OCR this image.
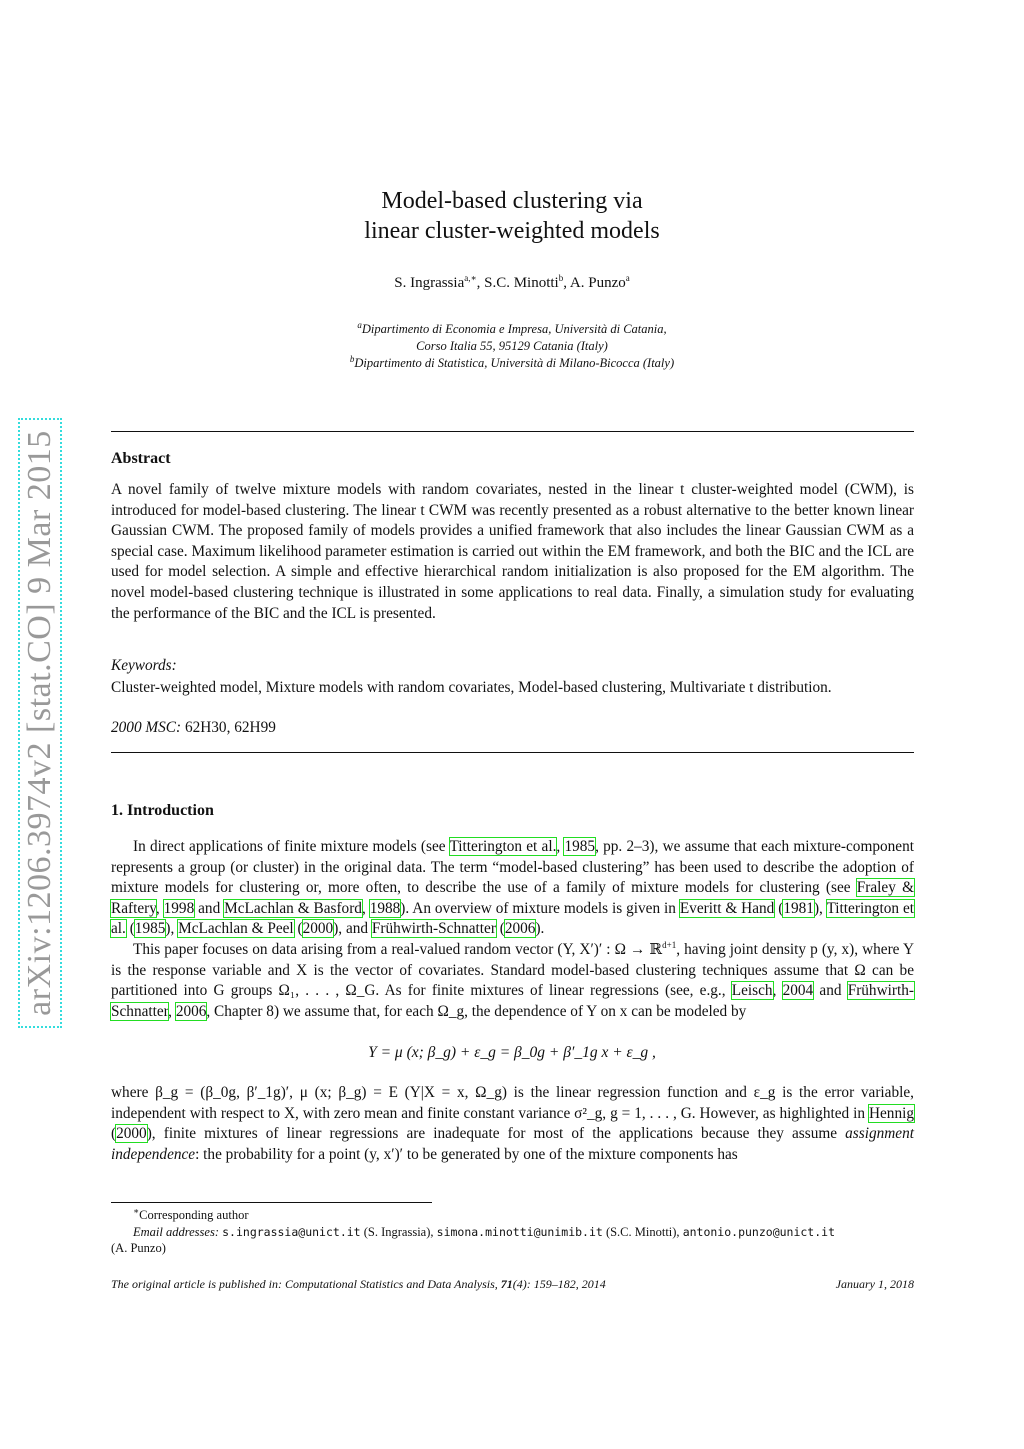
arXiv:1206.3974v2 [stat.CO] 9 Mar 2015
Model-based clustering via
linear cluster-weighted models
S. Ingrassia$^{a,∗}$, S.C. Minotti$^b$, A. Punzo$^a$
$^a$Dipartimento di Economia e Impresa, Università di Catania,
Corso Italia 55, 95129 Catania (Italy)
$^b$Dipartimento di Statistica, Università di Milano-Bicocca (Italy)
Abstract
A novel family of twelve mixture models with random covariates, nested in the linear t cluster-weighted model (CWM), is introduced for model-based clustering. The linear t CWM was recently presented as a robust alternative to the better known linear Gaussian CWM. The proposed family of models provides a unified framework that also includes the linear Gaussian CWM as a special case. Maximum likelihood parameter estimation is carried out within the EM framework, and both the BIC and the ICL are used for model selection. A simple and effective hierarchical random initialization is also proposed for the EM algorithm. The novel model-based clustering technique is illustrated in some applications to real data. Finally, a simulation study for evaluating the performance of the BIC and the ICL is presented.
Keywords:
Cluster-weighted model, Mixture models with random covariates, Model-based clustering, Multivariate t distribution.
2000 MSC: 62H30, 62H99
1. Introduction
In direct applications of finite mixture models (see Titterington et al., 1985, pp. 2–3), we assume that each mixture-component represents a group (or cluster) in the original data. The term “model-based clustering” has been used to describe the adoption of mixture models for clustering or, more often, to describe the use of a family of mixture models for clustering (see Fraley & Raftery, 1998 and McLachlan & Basford, 1988). An overview of mixture models is given in Everitt & Hand (1981), Titterington et al. (1985), McLachlan & Peel (2000), and Frühwirth-Schnatter (2006).
This paper focuses on data arising from a real-valued random vector (Y, X′)′ : Ω → ℝ$^{d+1}$, having joint density p (y, x), where Y is the response variable and X is the vector of covariates. Standard model-based clustering techniques assume that Ω can be partitioned into G groups Ω₁, . . . , Ω_G. As for finite mixtures of linear regressions (see, e.g., Leisch, 2004 and Frühwirth-Schnatter, 2006, Chapter 8) we assume that, for each Ω_g, the dependence of Y on x can be modeled by
Y = μ (x; β_g) + ε_g = β_0g + β′_1g x + ε_g ,
where β_g = (β_0g, β′_1g)′, μ (x; β_g) = E (Y|X = x, Ω_g) is the linear regression function and ε_g is the error variable, independent with respect to X, with zero mean and finite constant variance σ²_g, g = 1, . . . , G. However, as highlighted in Hennig (2000), finite mixtures of linear regressions are inadequate for most of the applications because they assume assignment independence: the probability for a point (y, x′)′ to be generated by one of the mixture components has
∗Corresponding author
Email addresses: s.ingrassia@unict.it (S. Ingrassia), simona.minotti@unimib.it (S.C. Minotti), antonio.punzo@unict.it
(A. Punzo)
The original article is published in: Computational Statistics and Data Analysis, 71(4): 159–182, 2014	January 1, 2018
